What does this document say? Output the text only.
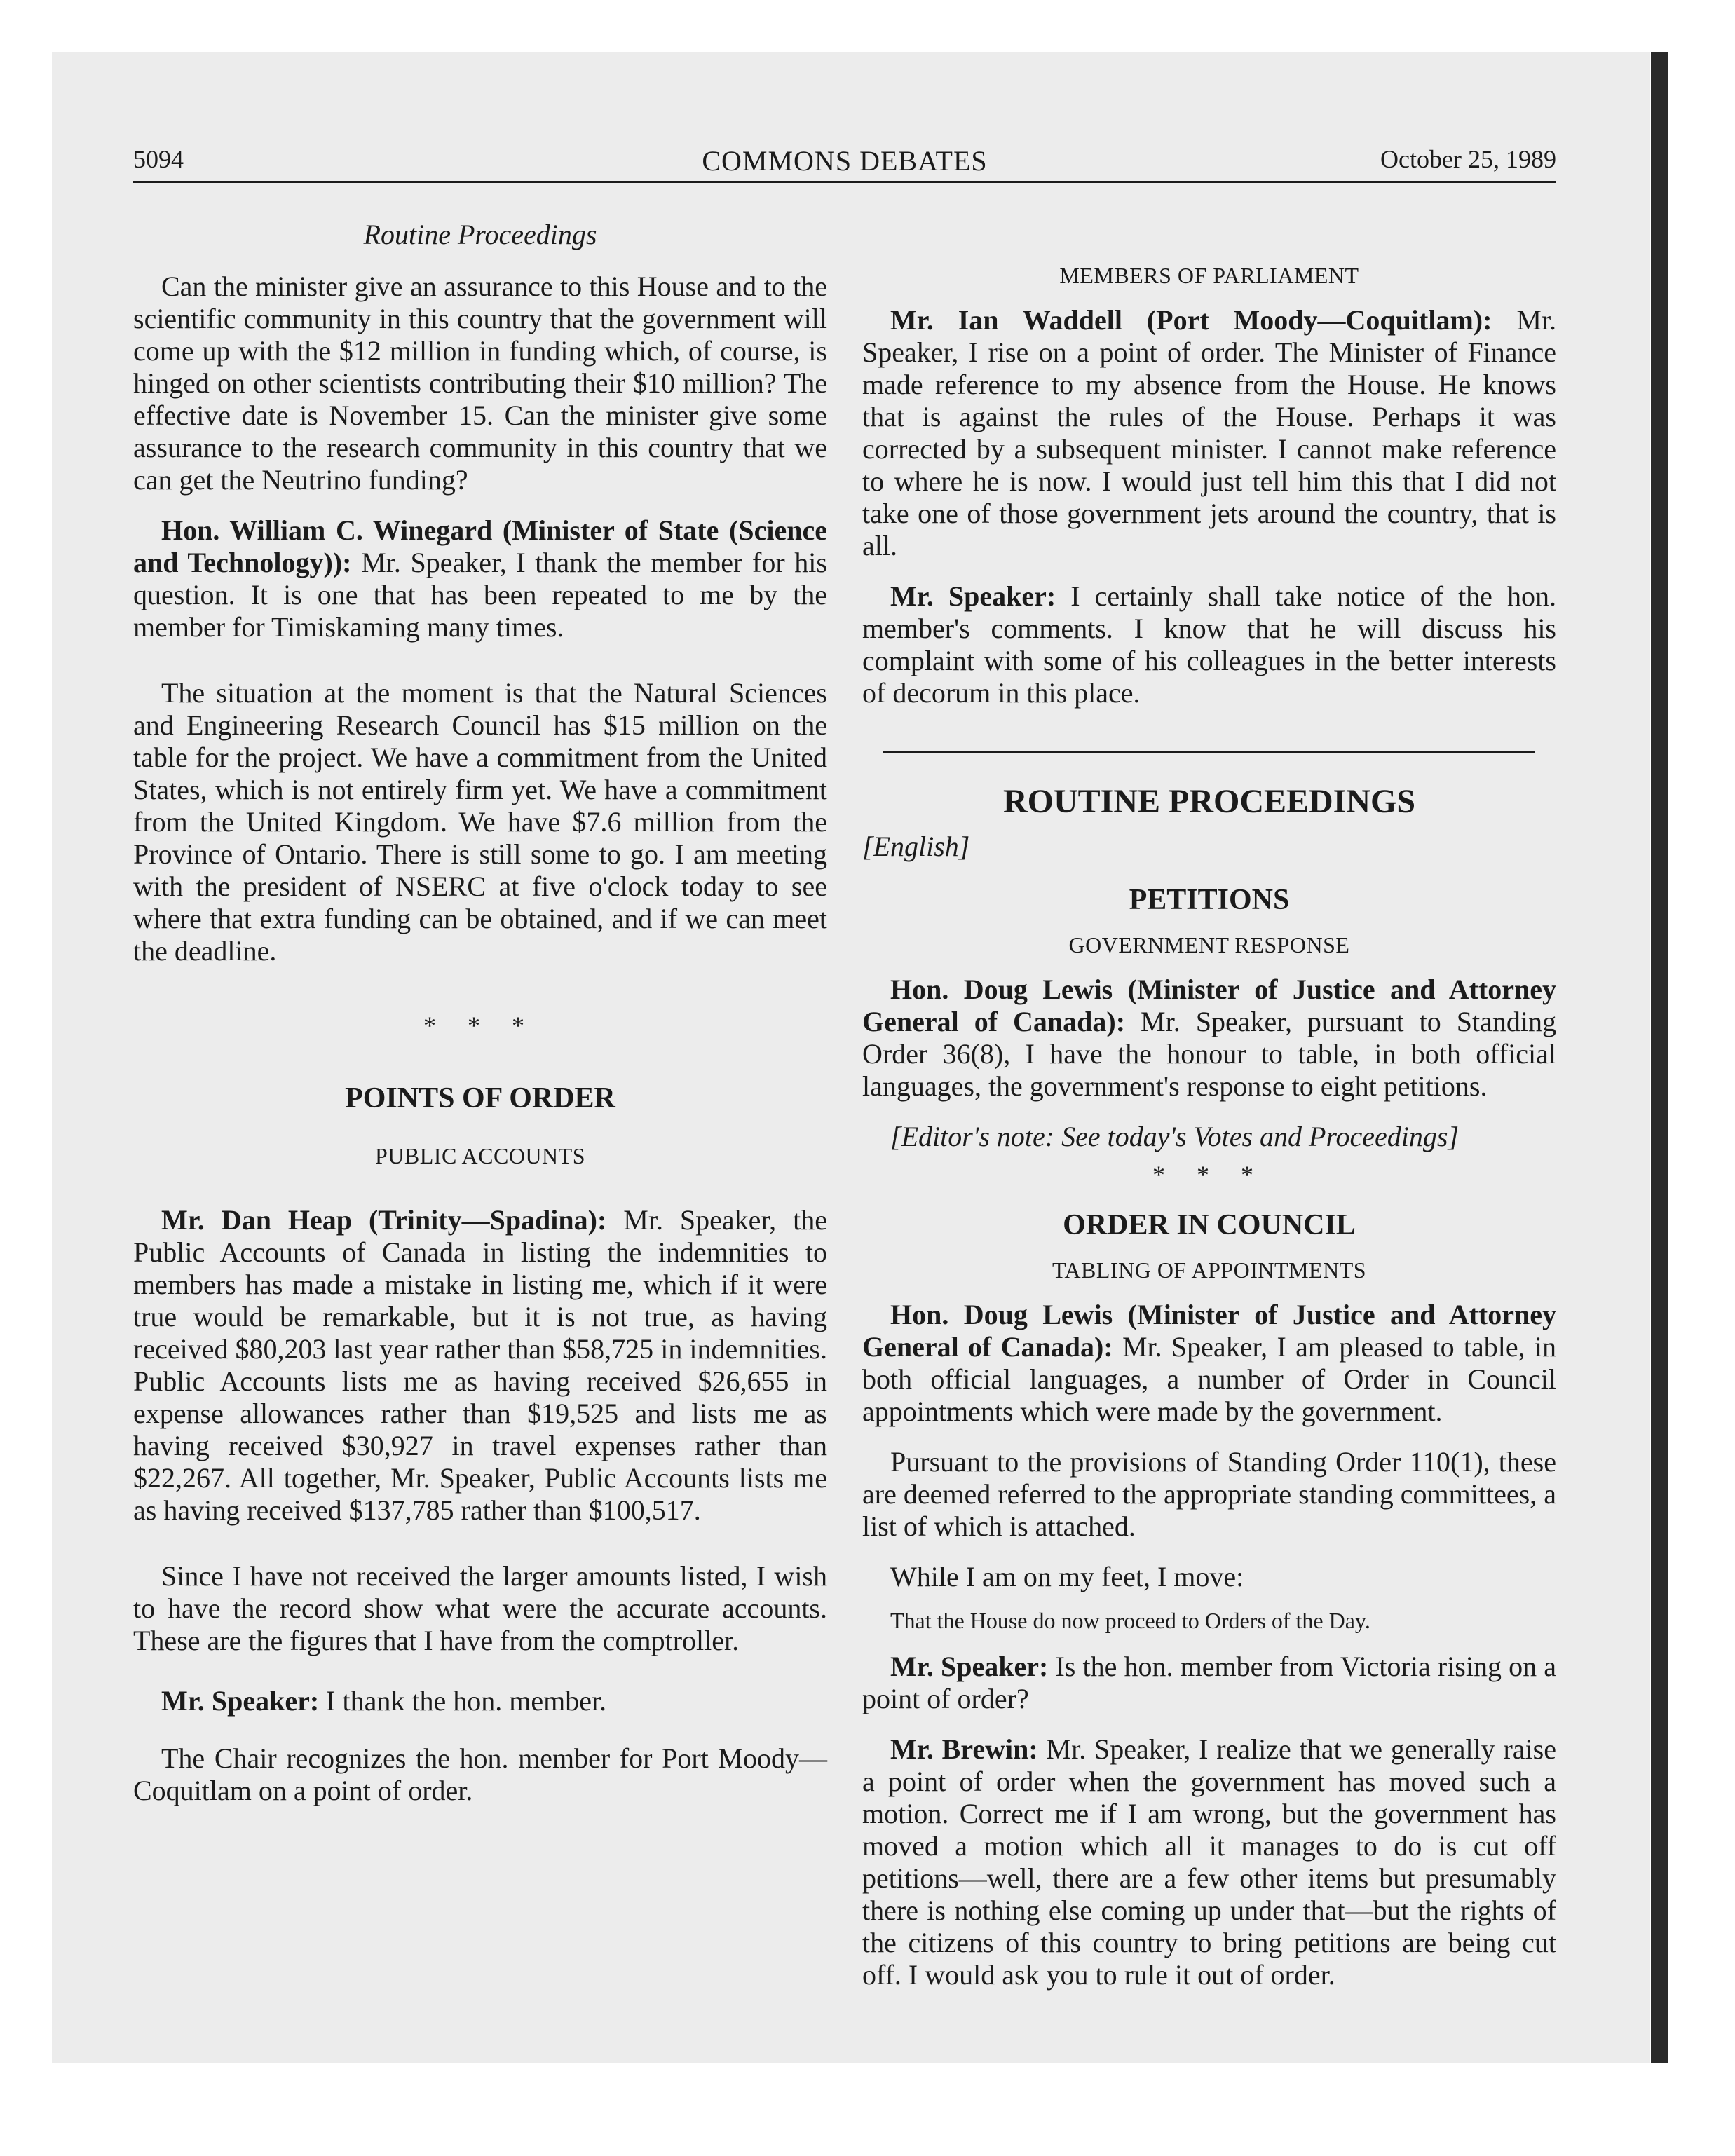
5094	COMMONS DEBATES	October 25, 1989
Routine Proceedings

Can the minister give an assurance to this House and to the scientific community in this country that the government will come up with the $12 million in funding which, of course, is hinged on other scientists contributing their $10 million? The effective date is November 15. Can the minister give some assurance to the research community in this country that we can get the Neutrino funding?

Hon. William C. Winegard (Minister of State (Science and Technology)): Mr. Speaker, I thank the member for his question. It is one that has been repeated to me by the member for Timiskaming many times.

The situation at the moment is that the Natural Sciences and Engineering Research Council has $15 million on the table for the project. We have a commitment from the United States, which is not entirely firm yet. We have a commitment from the United Kingdom. We have $7.6 million from the Province of Ontario. There is still some to go. I am meeting with the president of NSERC at five o'clock today to see where that extra funding can be obtained, and if we can meet the deadline.

* * *
POINTS OF ORDER
PUBLIC ACCOUNTS

Mr. Dan Heap (Trinity—Spadina): Mr. Speaker, the Public Accounts of Canada in listing the indemnities to members has made a mistake in listing me, which if it were true would be remarkable, but it is not true, as having received $80,203 last year rather than $58,725 in indemnities. Public Accounts lists me as having received $26,655 in expense allowances rather than $19,525 and lists me as having received $30,927 in travel expenses rather than $22,267. All together, Mr. Speaker, Public Accounts lists me as having received $137,785 rather than $100,517.

Since I have not received the larger amounts listed, I wish to have the record show what were the accurate accounts. These are the figures that I have from the comptroller.

Mr. Speaker: I thank the hon. member.

The Chair recognizes the hon. member for Port Moody—Coquitlam on a point of order.

MEMBERS OF PARLIAMENT

Mr. Ian Waddell (Port Moody—Coquitlam): Mr. Speaker, I rise on a point of order. The Minister of Finance made reference to my absence from the House. He knows that is against the rules of the House. Perhaps it was corrected by a subsequent minister. I cannot make reference to where he is now. I would just tell him this that I did not take one of those government jets around the country, that is all.

Mr. Speaker: I certainly shall take notice of the hon. member's comments. I know that he will discuss his complaint with some of his colleagues in the better interests of decorum in this place.

ROUTINE PROCEEDINGS

[English]

PETITIONS
GOVERNMENT RESPONSE

Hon. Doug Lewis (Minister of Justice and Attorney General of Canada): Mr. Speaker, pursuant to Standing Order 36(8), I have the honour to table, in both official languages, the government's response to eight petitions.

[Editor's note: See today's Votes and Proceedings]

* * *
ORDER IN COUNCIL
TABLING OF APPOINTMENTS

Hon. Doug Lewis (Minister of Justice and Attorney General of Canada): Mr. Speaker, I am pleased to table, in both official languages, a number of Order in Council appointments which were made by the government.

Pursuant to the provisions of Standing Order 110(1), these are deemed referred to the appropriate standing committees, a list of which is attached.

While I am on my feet, I move:

That the House do now proceed to Orders of the Day.

Mr. Speaker: Is the hon. member from Victoria rising on a point of order?

Mr. Brewin: Mr. Speaker, I realize that we generally raise a point of order when the government has moved such a motion. Correct me if I am wrong, but the government has moved a motion which all it manages to do is cut off petitions—well, there are a few other items but presumably there is nothing else coming up under that—but the rights of the citizens of this country to bring petitions are being cut off. I would ask you to rule it out of order.
